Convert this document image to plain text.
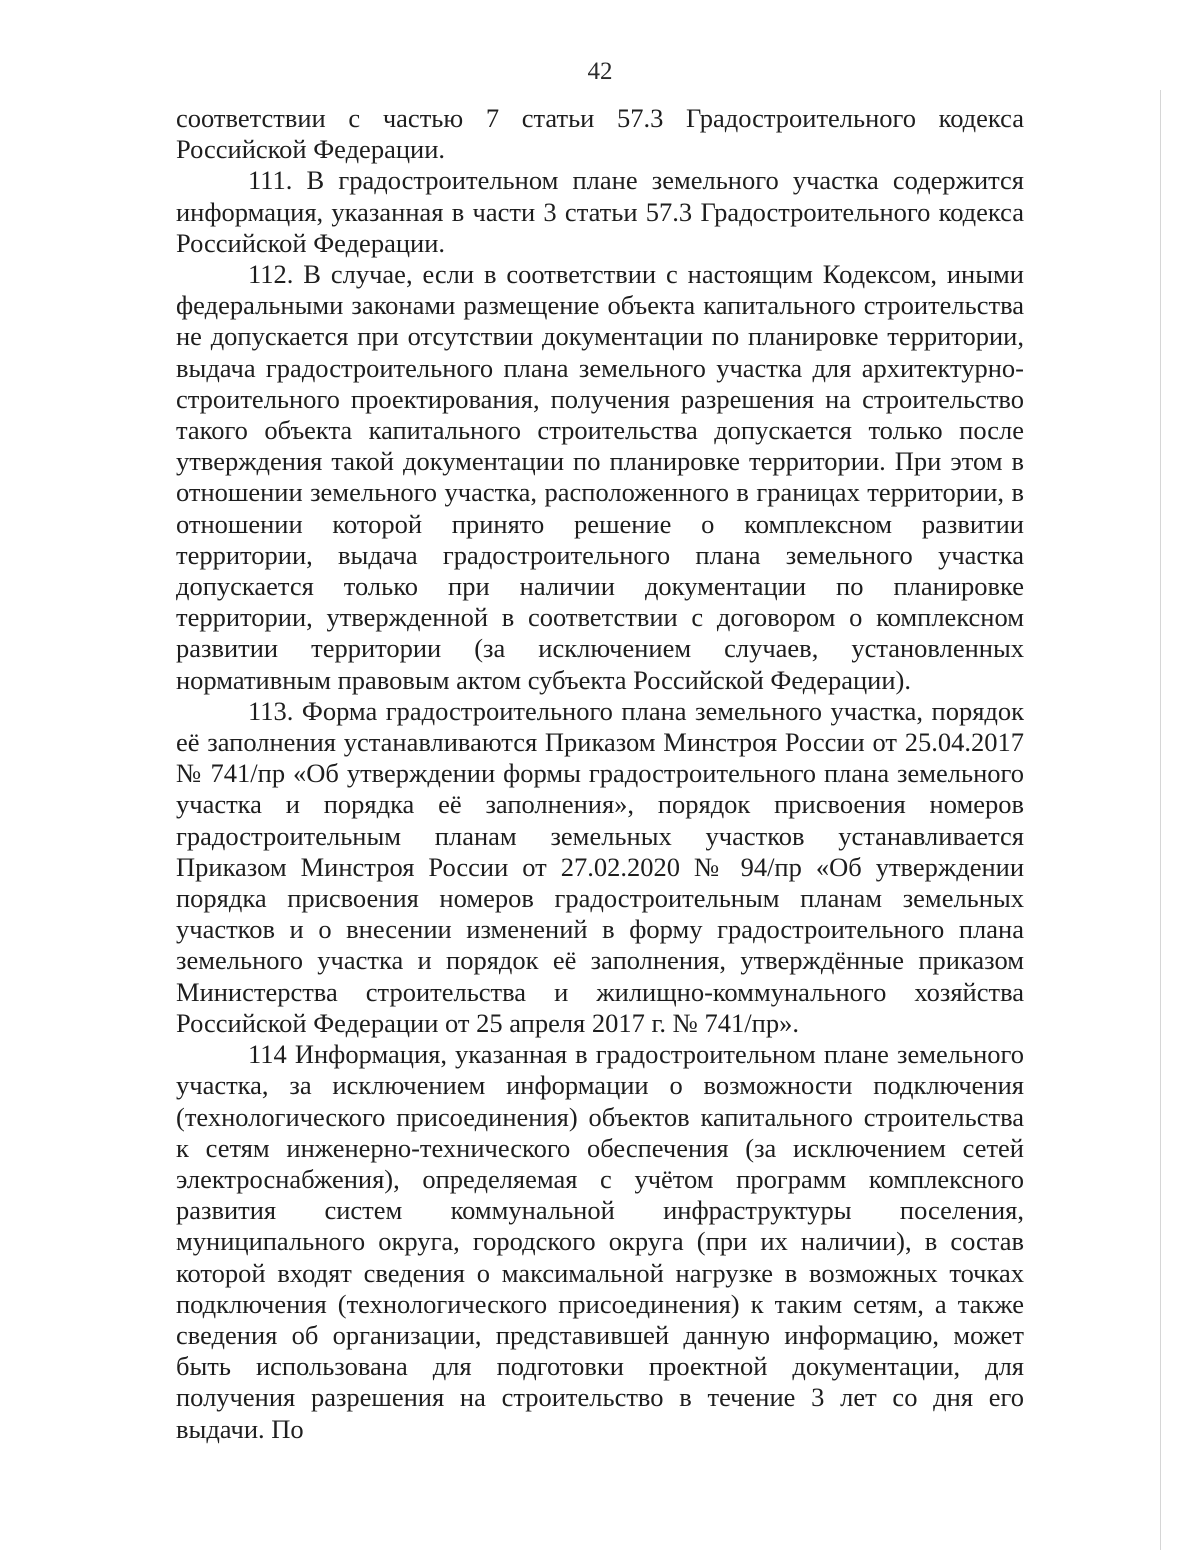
42

соответствии с частью 7 статьи 57.3 Градостроительного кодекса Российской Федерации.

111. В градостроительном плане земельного участка содержится информация, указанная в части 3 статьи 57.3 Градостроительного кодекса Российской Федерации.

112. В случае, если в соответствии с настоящим Кодексом, иными федеральными законами размещение объекта капитального строительства не допускается при отсутствии документации по планировке территории, выдача градостроительного плана земельного участка для архитектурно-строительного проектирования, получения разрешения на строительство такого объекта капитального строительства допускается только после утверждения такой документации по планировке территории. При этом в отношении земельного участка, расположенного в границах территории, в отношении которой принято решение о комплексном развитии территории, выдача градостроительного плана земельного участка допускается только при наличии документации по планировке территории, утвержденной в соответствии с договором о комплексном развитии территории (за исключением случаев, установленных нормативным правовым актом субъекта Российской Федерации).

113. Форма градостроительного плана земельного участка, порядок её заполнения устанавливаются Приказом Минстроя России от 25.04.2017 № 741/пр «Об утверждении формы градостроительного плана земельного участка и порядка её заполнения», порядок присвоения номеров градостроительным планам земельных участков устанавливается Приказом Минстроя России от 27.02.2020 № 94/пр «Об утверждении порядка присвоения номеров градостроительным планам земельных участков и о внесении изменений в форму градостроительного плана земельного участка и порядок её заполнения, утверждённые приказом Министерства строительства и жилищно-коммунального хозяйства Российской Федерации от 25 апреля 2017 г. № 741/пр».

114 Информация, указанная в градостроительном плане земельного участка, за исключением информации о возможности подключения (технологического присоединения) объектов капитального строительства к сетям инженерно-технического обеспечения (за исключением сетей электроснабжения), определяемая с учётом программ комплексного развития систем коммунальной инфраструктуры поселения, муниципального округа, городского округа (при их наличии), в состав которой входят сведения о максимальной нагрузке в возможных точках подключения (технологического присоединения) к таким сетям, а также сведения об организации, представившей данную информацию, может быть использована для подготовки проектной документации, для получения разрешения на строительство в течение 3 лет со дня его выдачи. По
